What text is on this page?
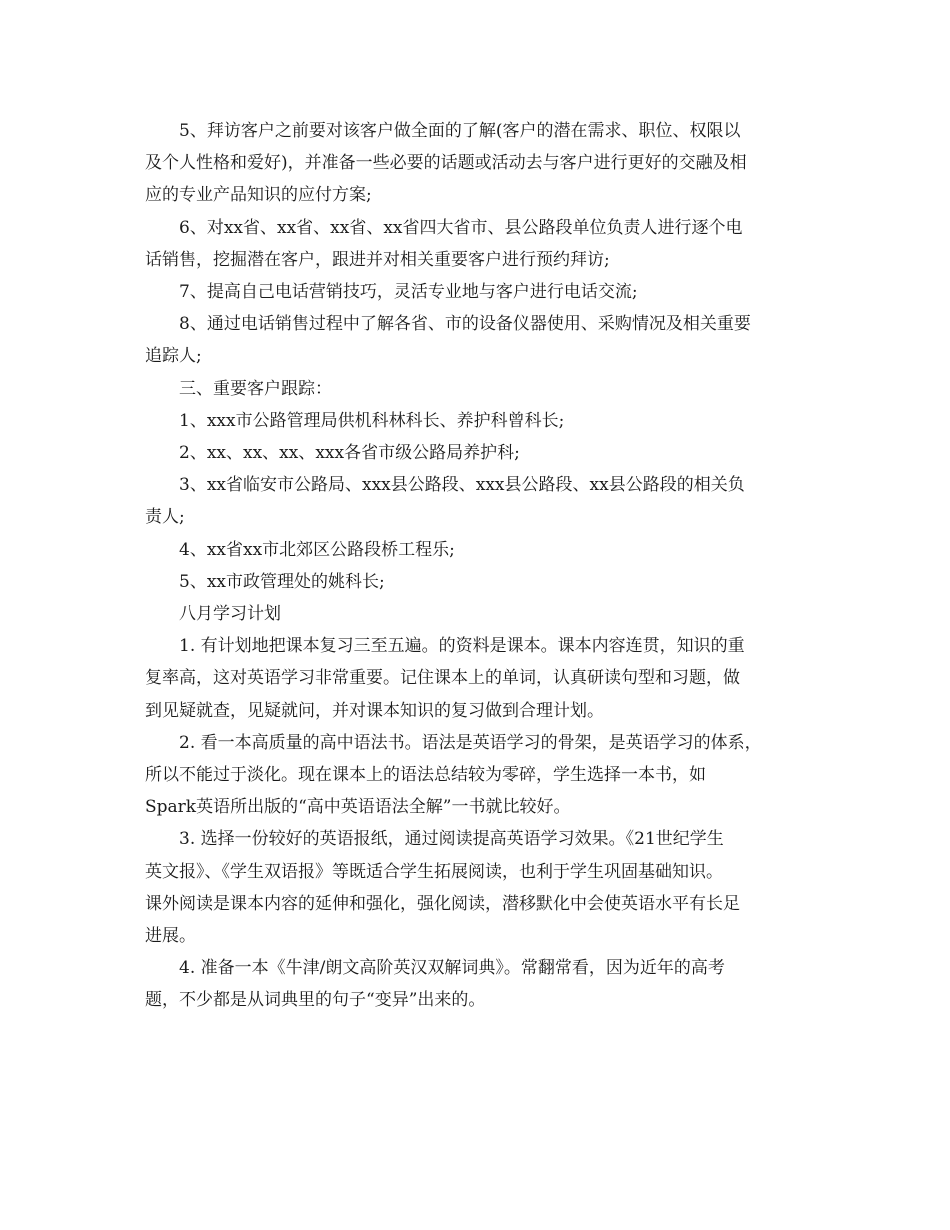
5、拜访客户之前要对该客户做全面的了解(客户的潜在需求、职位、权限以
及个人性格和爱好)，并准备一些必要的话题或活动去与客户进行更好的交融及相
应的专业产品知识的应付方案;
6、对xx省、xx省、xx省、xx省四大省市、县公路段单位负责人进行逐个电
话销售，挖掘潜在客户，跟进并对相关重要客户进行预约拜访;
7、提高自己电话营销技巧，灵活专业地与客户进行电话交流;
8、通过电话销售过程中了解各省、市的设备仪器使用、采购情况及相关重要
追踪人;
三、重要客户跟踪：
1、xxx市公路管理局供机科林科长、养护科曾科长;
2、xx、xx、xx、xxx各省市级公路局养护科;
3、xx省临安市公路局、xxx县公路段、xxx县公路段、xx县公路段的相关负
责人;
4、xx省xx市北郊区公路段桥工程乐;
5、xx市政管理处的姚科长;
八月学习计划
1. 有计划地把课本复习三至五遍。的资料是课本。课本内容连贯，知识的重
复率高，这对英语学习非常重要。记住课本上的单词，认真研读句型和习题，做
到见疑就查，见疑就问，并对课本知识的复习做到合理计划。
2. 看一本高质量的高中语法书。语法是英语学习的骨架，是英语学习的体系，
所以不能过于淡化。现在课本上的语法总结较为零碎，学生选择一本书，如
Spark英语所出版的“高中英语语法全解”一书就比较好。
3. 选择一份较好的英语报纸，通过阅读提高英语学习效果。《21世纪学生
英文报》、《学生双语报》等既适合学生拓展阅读，也利于学生巩固基础知识。
课外阅读是课本内容的延伸和强化，强化阅读，潜移默化中会使英语水平有长足
进展。
4. 准备一本《牛津/朗文高阶英汉双解词典》。常翻常看，因为近年的高考
题，不少都是从词典里的句子“变异”出来的。
